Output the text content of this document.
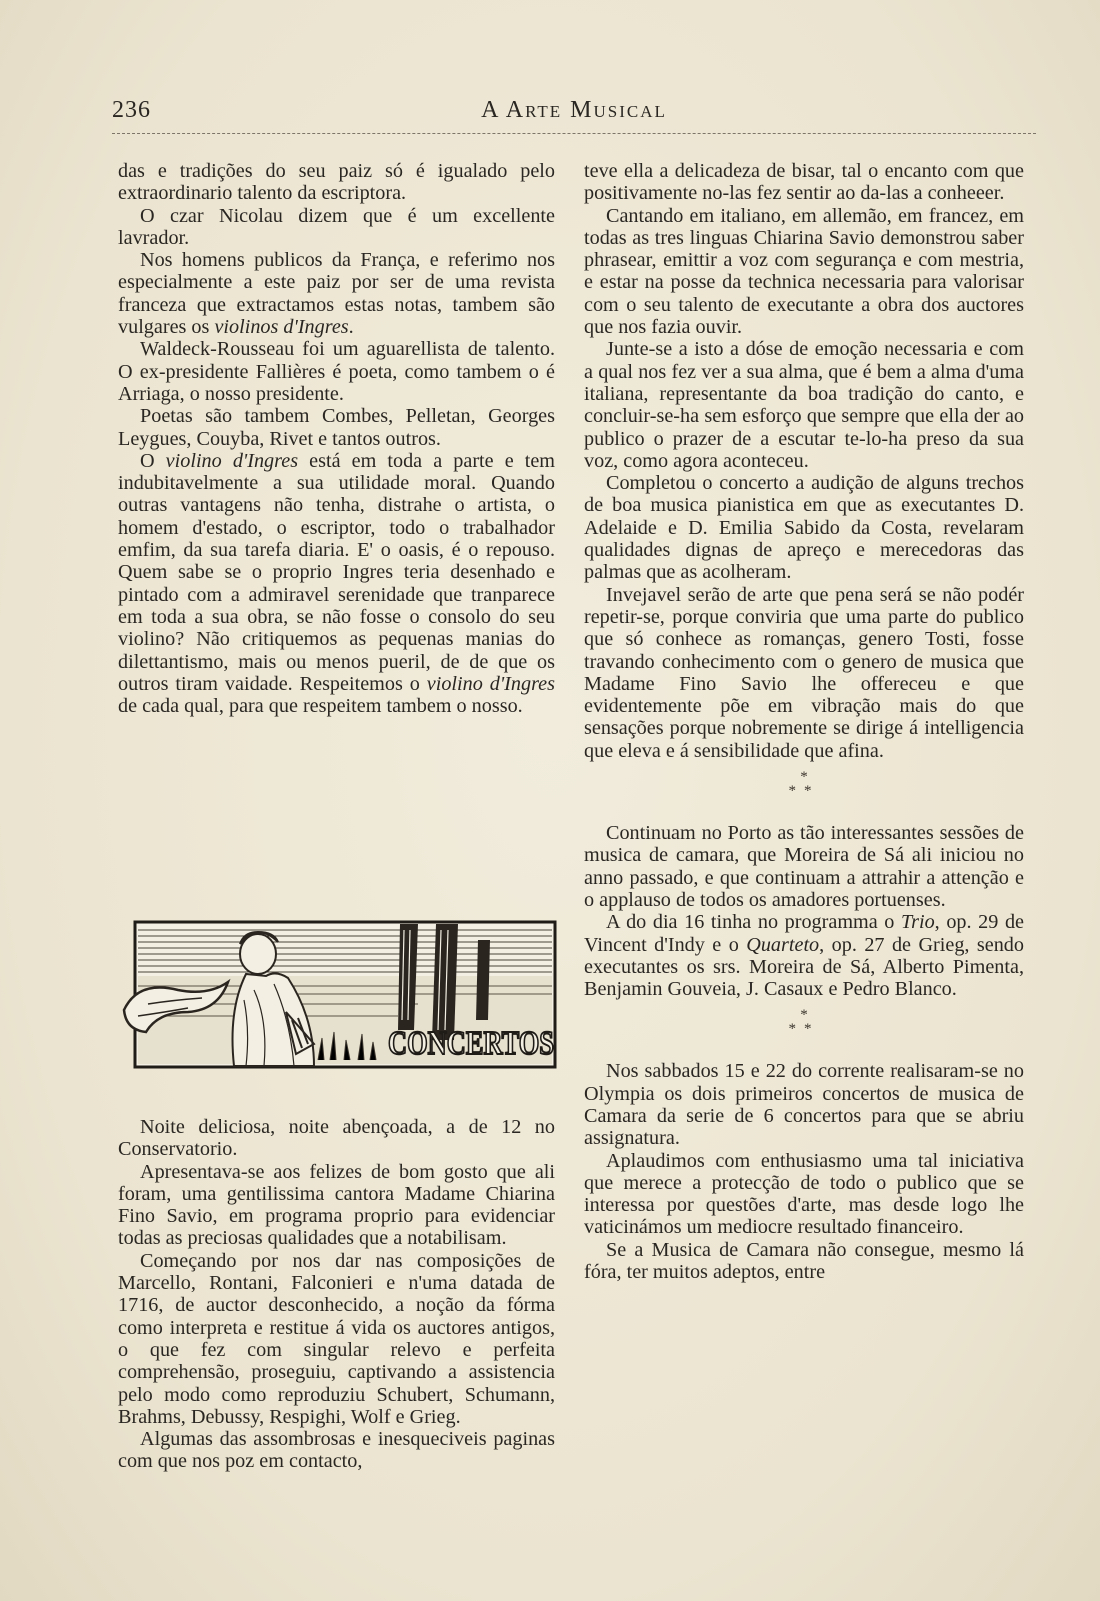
236	A Arte Musical

das e tradições do seu paiz só é igualado pelo extraordinario talento da escriptora.

O czar Nicolau dizem que é um excellente lavrador.

Nos homens publicos da França, e referimo nos especialmente a este paiz por ser de uma revista franceza que extractamos estas notas, tambem são vulgares os violinos d'Ingres.

Waldeck-Rousseau foi um aguarellista de talento. O ex-presidente Fallières é poeta, como tambem o é Arriaga, o nosso presidente.

Poetas são tambem Combes, Pelletan, Georges Leygues, Couyba, Rivet e tantos outros.

O violino d'Ingres está em toda a parte e tem indubitavelmente a sua utilidade moral. Quando outras vantagens não tenha, distrahe o artista, o homem d'estado, o escriptor, todo o trabalhador emfim, da sua tarefa diaria. E' o oasis, é o repouso. Quem sabe se o proprio Ingres teria desenhado e pintado com a admiravel serenidade que tranparece em toda a sua obra, se não fosse o consolo do seu violino? Não critiquemos as pequenas manias do dilettantismo, mais ou menos pueril, de de que os outros tiram vaidade. Respeitemos o violino d'Ingres de cada qual, para que respeitem tambem o nosso.

CONCERTOS

Noite deliciosa, noite abençoada, a de 12 no Conservatorio.

Apresentava-se aos felizes de bom gosto que ali foram, uma gentilissima cantora Madame Chiarina Fino Savio, em programa proprio para evidenciar todas as preciosas qualidades que a notabilisam.

Começando por nos dar nas composições de Marcello, Rontani, Falconieri e n'uma datada de 1716, de auctor desconhecido, a noção da fórma como interpreta e restitue á vida os auctores antigos, o que fez com singular relevo e perfeita comprehensão, proseguiu, captivando a assistencia pelo modo como reproduziu Schubert, Schumann, Brahms, Debussy, Respighi, Wolf e Grieg.

Algumas das assombrosas e inesqueciveis paginas com que nos poz em contacto,

teve ella a delicadeza de bisar, tal o encanto com que positivamente no-las fez sentir ao da-las a conheeer.

Cantando em italiano, em allemão, em francez, em todas as tres linguas Chiarina Savio demonstrou saber phrasear, emittir a voz com segurança e com mestria, e estar na posse da technica necessaria para valorisar com o seu talento de executante a obra dos auctores que nos fazia ouvir.

Junte-se a isto a dóse de emoção necessaria e com a qual nos fez ver a sua alma, que é bem a alma d'uma italiana, representante da boa tradição do canto, e concluir-se-ha sem esforço que sempre que ella der ao publico o prazer de a escutar te-lo-ha preso da sua voz, como agora aconteceu.

Completou o concerto a audição de alguns trechos de boa musica pianistica em que as executantes D. Adelaide e D. Emilia Sabido da Costa, revelaram qualidades dignas de apreço e merecedoras das palmas que as acolheram.

Invejavel serão de arte que pena será se não podér repetir-se, porque conviria que uma parte do publico que só conhece as romanças, genero Tosti, fosse travando conhecimento com o genero de musica que Madame Fino Savio lhe offereceu e que evidentemente põe em vibração mais do que sensações porque nobremente se dirige á intelligencia que eleva e á sensibilidade que afina.

*
**

Continuam no Porto as tão interessantes sessões de musica de camara, que Moreira de Sá ali iniciou no anno passado, e que continuam a attrahir a attenção e o applauso de todos os amadores portuenses.

A do dia 16 tinha no programma o Trio, op. 29 de Vincent d'Indy e o Quarteto, op. 27 de Grieg, sendo executantes os srs. Moreira de Sá, Alberto Pimenta, Benjamin Gouveia, J. Casaux e Pedro Blanco.

*
**

Nos sabbados 15 e 22 do corrente realisaram-se no Olympia os dois primeiros concertos de musica de Camara da serie de 6 concertos para que se abriu assignatura.

Aplaudimos com enthusiasmo uma tal iniciativa que merece a protecção de todo o publico que se interessa por questões d'arte, mas desde logo lhe vaticinámos um mediocre resultado financeiro.

Se a Musica de Camara não consegue, mesmo lá fóra, ter muitos adeptos, entre
